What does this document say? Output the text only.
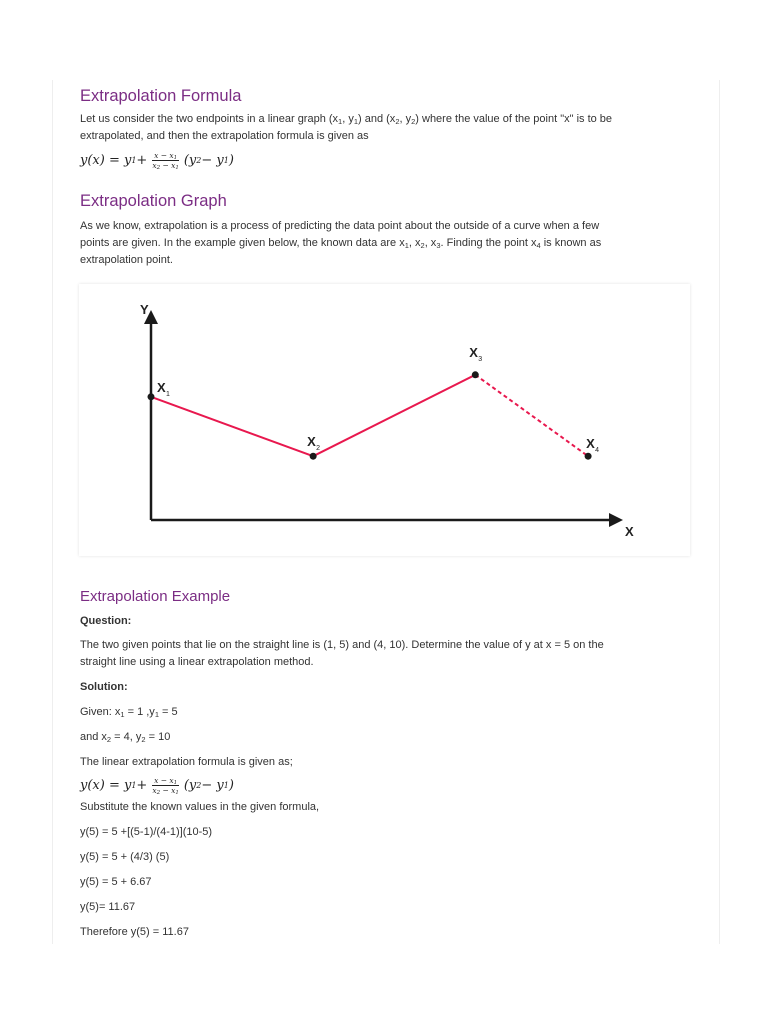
Extrapolation Formula
Let us consider the two endpoints in a linear graph ($x_1$, $y_1$) and ($x_2$, $y_2$) where the value of the point "x" is to be
extrapolated, and then the extrapolation formula is given as
y(x) = y $1 + \frac{x - x_1}{x_2 - x_1} (y$ 2 − y 1 )
Extrapolation Graph
As we know, extrapolation is a process of predicting the data point about the outside of a curve when a few
points are given. In the example given below, the known data are $x_1$, $x_2$, $x_3$. Finding the point $x_4$ is known as
extrapolation point.
Extrapolation Example
Question:
The two given points that lie on the straight line is (1, 5) and (4, 10). Determine the value of y at x = 5 on the
straight line using a linear extrapolation method.
Solution:
Given: $x_1 = 1$ $,y_1 = 5$
and $x_2 = 4$, $y_2 = 10$
The linear extrapolation formula is given as;
y(x) = y $1 + \frac{x - x_1}{x_2 - x_1} (y$ 2 − y 1 )
Substitute the known values in the given formula,
y(5) = 5 +[(5-1)/(4-1)](10-5)
y(5) = 5 + (4/3) (5)
y(5) = 5 + 6.67
y(5)= 11.67
Therefore y(5) = 11.67
Y
X
X 1
X 2
X 3
X 4
